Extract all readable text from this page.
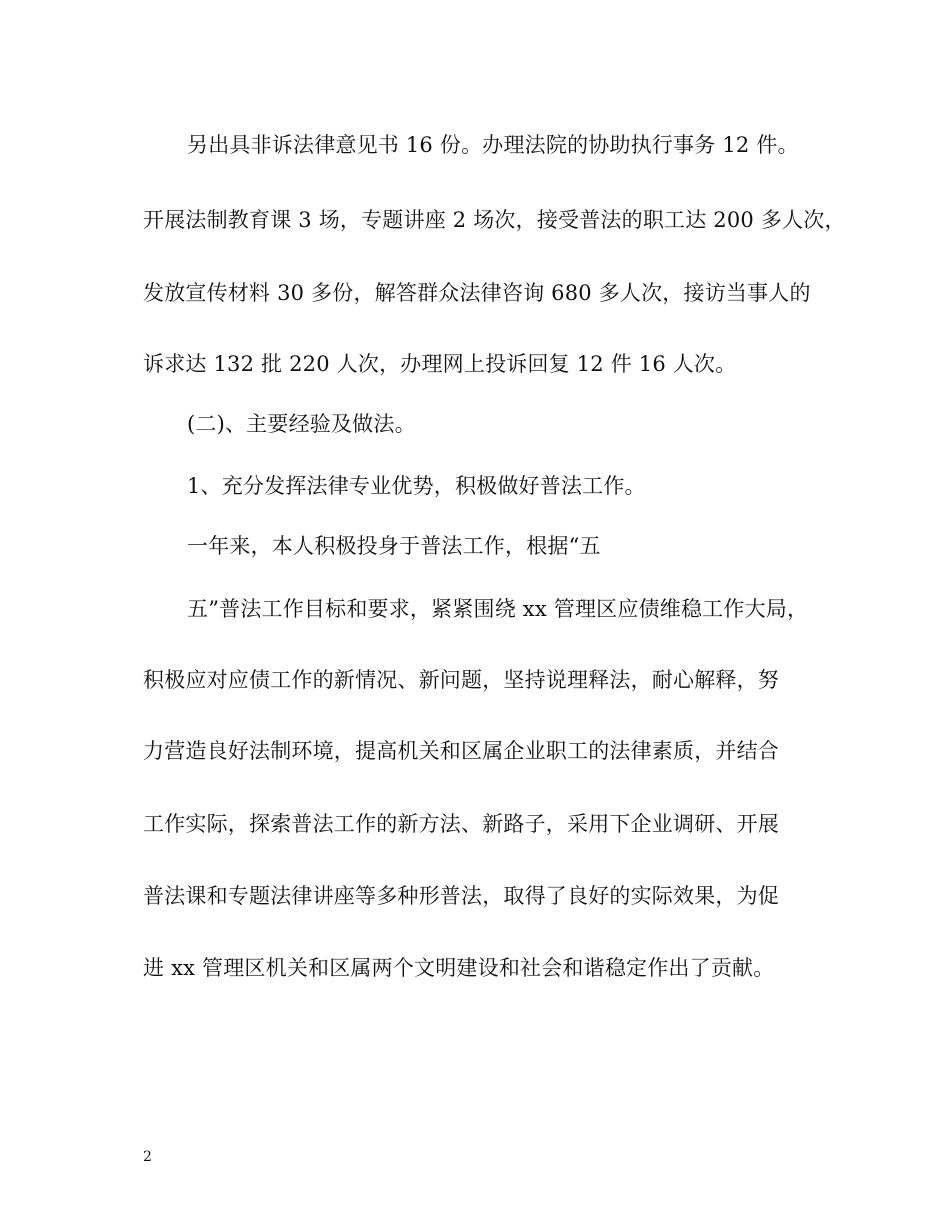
另出具非诉法律意见书 16 份。办理法院的协助执行事务 12 件。
开展法制教育课 3 场，专题讲座 2 场次，接受普法的职工达 200 多人次，
发放宣传材料 30 多份，解答群众法律咨询 680 多人次，接访当事人的
诉求达 132 批 220 人次，办理网上投诉回复 12 件 16 人次。
(二)、主要经验及做法。
1、充分发挥法律专业优势，积极做好普法工作。
一年来，本人积极投身于普法工作，根据“五
五”普法工作目标和要求，紧紧围绕 xx 管理区应债维稳工作大局，
积极应对应债工作的新情况、新问题，坚持说理释法，耐心解释，努
力营造良好法制环境，提高机关和区属企业职工的法律素质，并结合
工作实际，探索普法工作的新方法、新路子，采用下企业调研、开展
普法课和专题法律讲座等多种形普法，取得了良好的实际效果，为促
进 xx 管理区机关和区属两个文明建设和社会和谐稳定作出了贡献。
2
